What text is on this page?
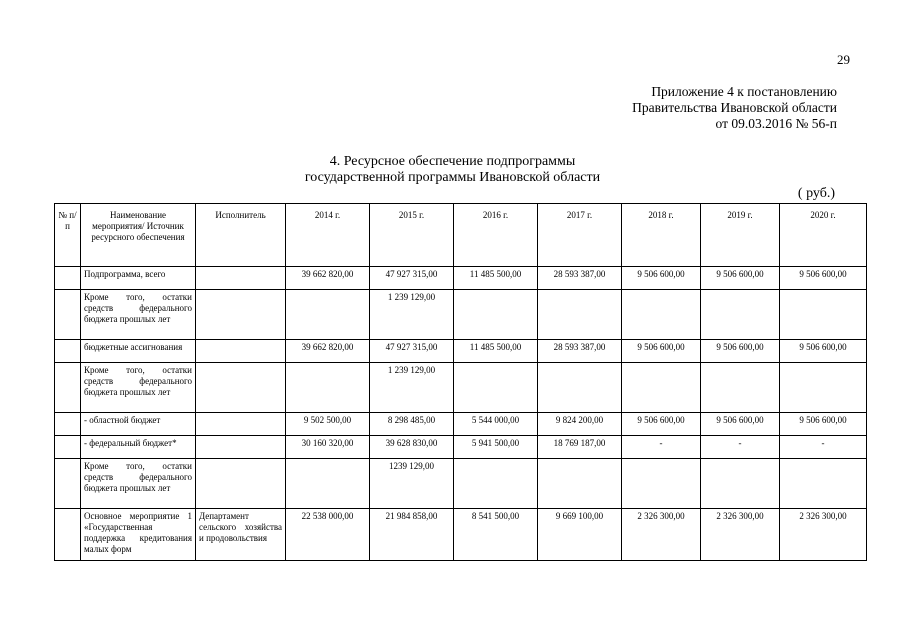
29
Приложение 4 к постановлению
Правительства Ивановской области
от 09.03.2016 № 56-п
4. Ресурсное обеспечение подпрограммы
государственной программы Ивановской области
( руб.)
№ п/п	Наименование мероприятия/ Источник ресурсного обеспечения	Исполнитель	2014 г.	2015 г.	2016 г.	2017 г.	2018 г.	2019 г.	2020 г.
	Подпрограмма, всего		39 662 820,00	47 927 315,00	11 485 500,00	28 593 387,00	9 506 600,00	9 506 600,00	9 506 600,00
	Кроме того, остатки средств федерального бюджета прошлых лет			1 239 129,00					
	бюджетные ассигнования		39 662 820,00	47 927 315,00	11 485 500,00	28 593 387,00	9 506 600,00	9 506 600,00	9 506 600,00
	Кроме того, остатки средств федерального бюджета прошлых лет			1 239 129,00					
	- областной бюджет		9 502 500,00	8 298 485,00	5 544 000,00	9 824 200,00	9 506 600,00	9 506 600,00	9 506 600,00
	- федеральный бюджет*		30 160 320,00	39 628 830,00	5 941 500,00	18 769 187,00	-	-	-
	Кроме того, остатки средств федерального бюджета прошлых лет			1239 129,00					
	Основное мероприятие 1 «Государственная поддержка кредитования малых форм	Департамент сельского хозяйства и продовольствия	22 538 000,00	21 984 858,00	8 541 500,00	9 669 100,00	2 326 300,00	2 326 300,00	2 326 300,00
